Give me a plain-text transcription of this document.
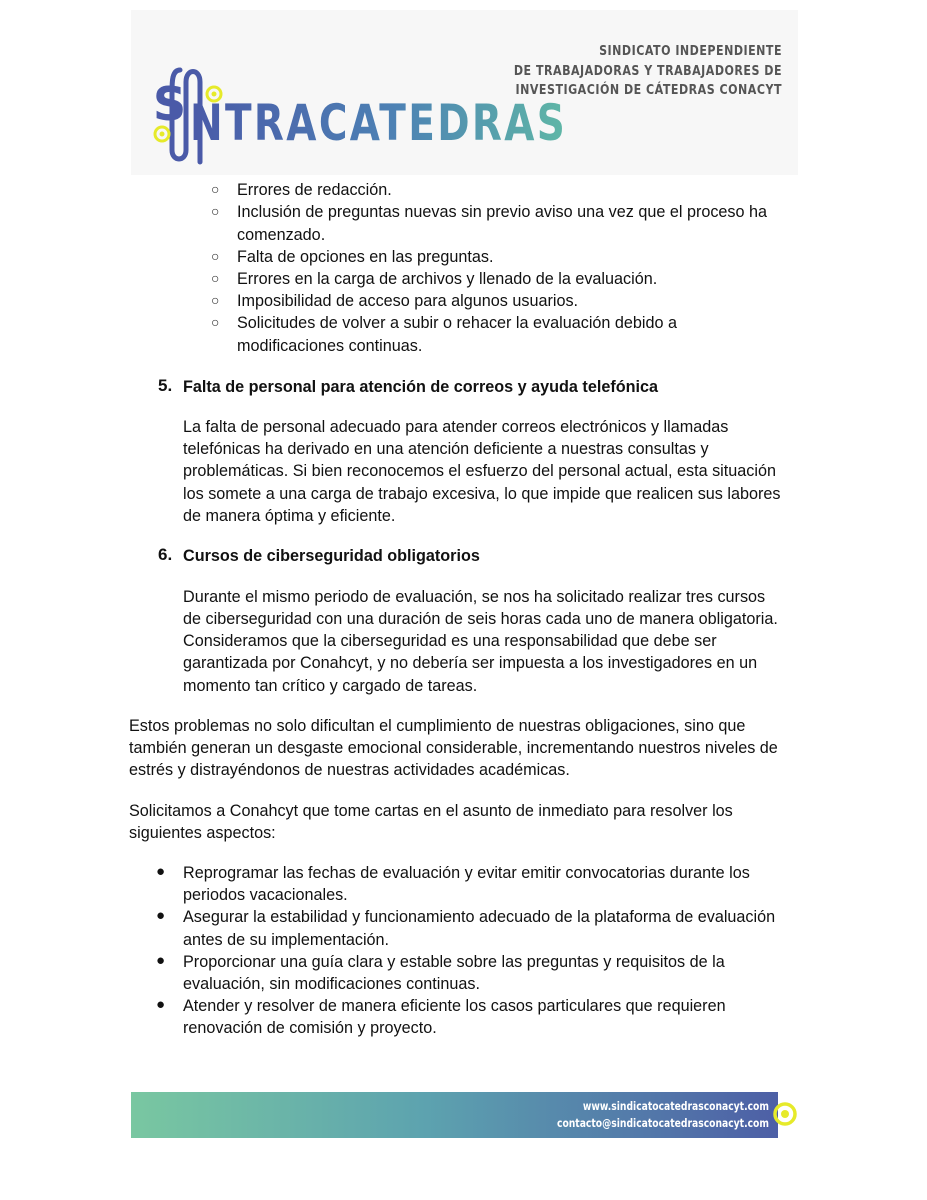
S NTRACATEDRAS
SINDICATO INDEPENDIENTE
DE TRABAJADORAS Y TRABAJADORES DE
INVESTIGACIÓN DE CÁTEDRAS CONACYT
○ Errores de redacción.
○ Inclusión de preguntas nuevas sin previo aviso una vez que el proceso ha
comenzado.
○ Falta de opciones en las preguntas.
○ Errores en la carga de archivos y llenado de la evaluación.
○ Imposibilidad de acceso para algunos usuarios.
○ Solicitudes de volver a subir o rehacer la evaluación debido a
modificaciones continuas.
5. Falta de personal para atención de correos y ayuda telefónica
La falta de personal adecuado para atender correos electrónicos y llamadas
telefónicas ha derivado en una atención deficiente a nuestras consultas y
problemáticas. Si bien reconocemos el esfuerzo del personal actual, esta situación
los somete a una carga de trabajo excesiva, lo que impide que realicen sus labores
de manera óptima y eficiente.
6. Cursos de ciberseguridad obligatorios
Durante el mismo periodo de evaluación, se nos ha solicitado realizar tres cursos
de ciberseguridad con una duración de seis horas cada uno de manera obligatoria.
Consideramos que la ciberseguridad es una responsabilidad que debe ser
garantizada por Conahcyt, y no debería ser impuesta a los investigadores en un
momento tan crítico y cargado de tareas.
Estos problemas no solo dificultan el cumplimiento de nuestras obligaciones, sino que
también generan un desgaste emocional considerable, incrementando nuestros niveles de
estrés y distrayéndonos de nuestras actividades académicas.
Solicitamos a Conahcyt que tome cartas en el asunto de inmediato para resolver los
siguientes aspectos:
● Reprogramar las fechas de evaluación y evitar emitir convocatorias durante los
periodos vacacionales.
● Asegurar la estabilidad y funcionamiento adecuado de la plataforma de evaluación
antes de su implementación.
● Proporcionar una guía clara y estable sobre las preguntas y requisitos de la
evaluación, sin modificaciones continuas.
● Atender y resolver de manera eficiente los casos particulares que requieren
renovación de comisión y proyecto.
www.sindicatocatedrasconacyt.com
contacto@sindicatocatedrasconacyt.com
